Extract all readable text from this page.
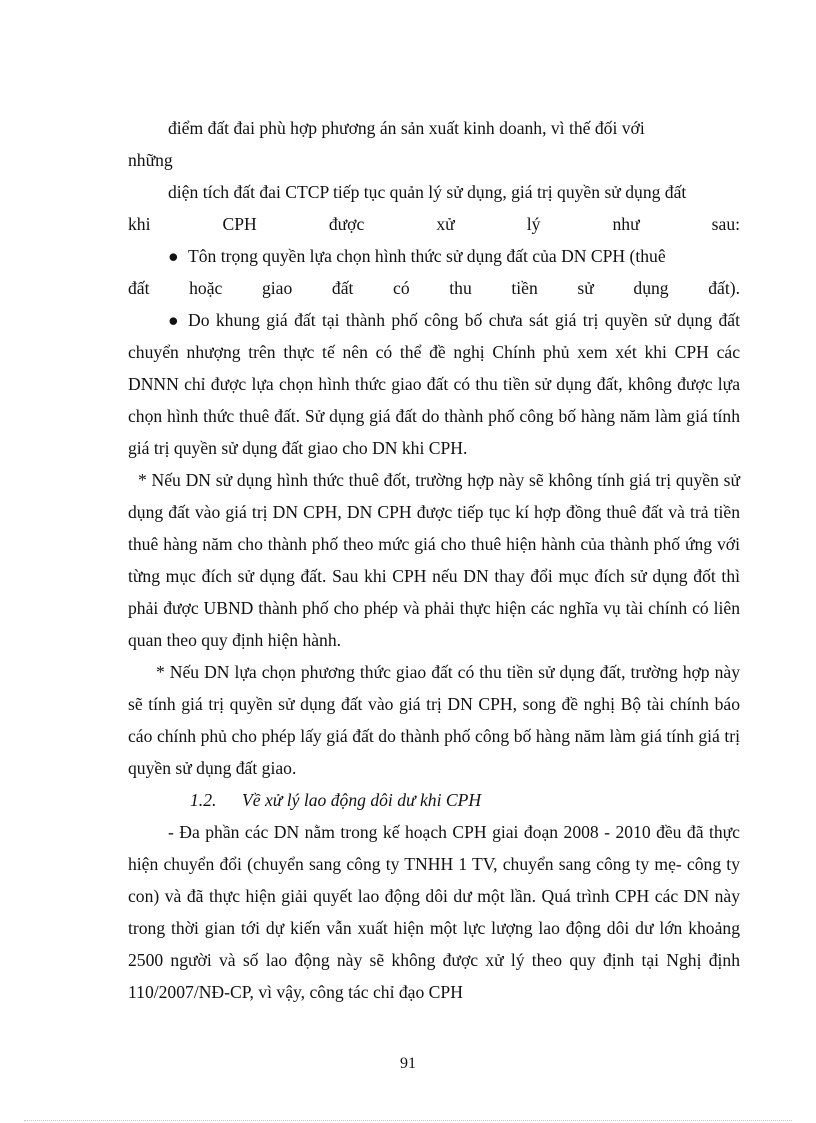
điểm đất đai phù hợp phương án sản xuất kinh doanh, vì thế đối với

những

diện tích đất đai CTCP tiếp tục quản lý sử dụng, giá trị quyền sử dụng đất

khi CPH được xử lý như sau:

● Tôn trọng quyền lựa chọn hình thức sử dụng đất của DN CPH (thuê

đất hoặc giao đất có thu tiền sử dụng đất).

● Do khung giá đất tại thành phố công bố chưa sát giá trị quyền sử dụng đất chuyển nhượng trên thực tế nên có thể đề nghị Chính phủ xem xét khi CPH các DNNN chỉ được lựa chọn hình thức giao đất có thu tiền sử dụng đất, không được lựa chọn hình thức thuê đất. Sử dụng giá đất do thành phố công bố hàng năm làm giá tính giá trị quyền sử dụng đất giao cho DN khi CPH.

* Nếu DN sử dụng hình thức thuê đốt, trường hợp này sẽ không tính giá trị quyền sử dụng đất vào giá trị DN CPH, DN CPH được tiếp tục kí hợp đồng thuê đất và trả tiền thuê hàng năm cho thành phố theo mức giá cho thuê hiện hành của thành phố ứng với từng mục đích sử dụng đất. Sau khi CPH nếu DN thay đổi mục đích sử dụng đốt thì phải được UBND thành phố cho phép và phải thực hiện các nghĩa vụ tài chính có liên quan theo quy định hiện hành.

* Nếu DN lựa chọn phương thức giao đất có thu tiền sử dụng đất, trường hợp này sẽ tính giá trị quyền sử dụng đất vào giá trị DN CPH, song đề nghị Bộ tài chính báo cáo chính phủ cho phép lấy giá đất do thành phố công bố hàng năm làm giá tính giá trị quyền sử dụng đất giao.

1.2. Về xử lý lao động dôi dư khi CPH

- Đa phần các DN nằm trong kế hoạch CPH giai đoạn 2008 - 2010 đều đã thực hiện chuyển đổi (chuyển sang công ty TNHH 1 TV, chuyển sang công ty mẹ- công ty con) và đã thực hiện giải quyết lao động dôi dư một lần. Quá trình CPH các DN này trong thời gian tới dự kiến vẫn xuất hiện một lực lượng lao động dôi dư lớn khoảng 2500 người và số lao động này sẽ không được xử lý theo quy định tại Nghị định 110/2007/NĐ-CP, vì vậy, công tác chỉ đạo CPH

91
